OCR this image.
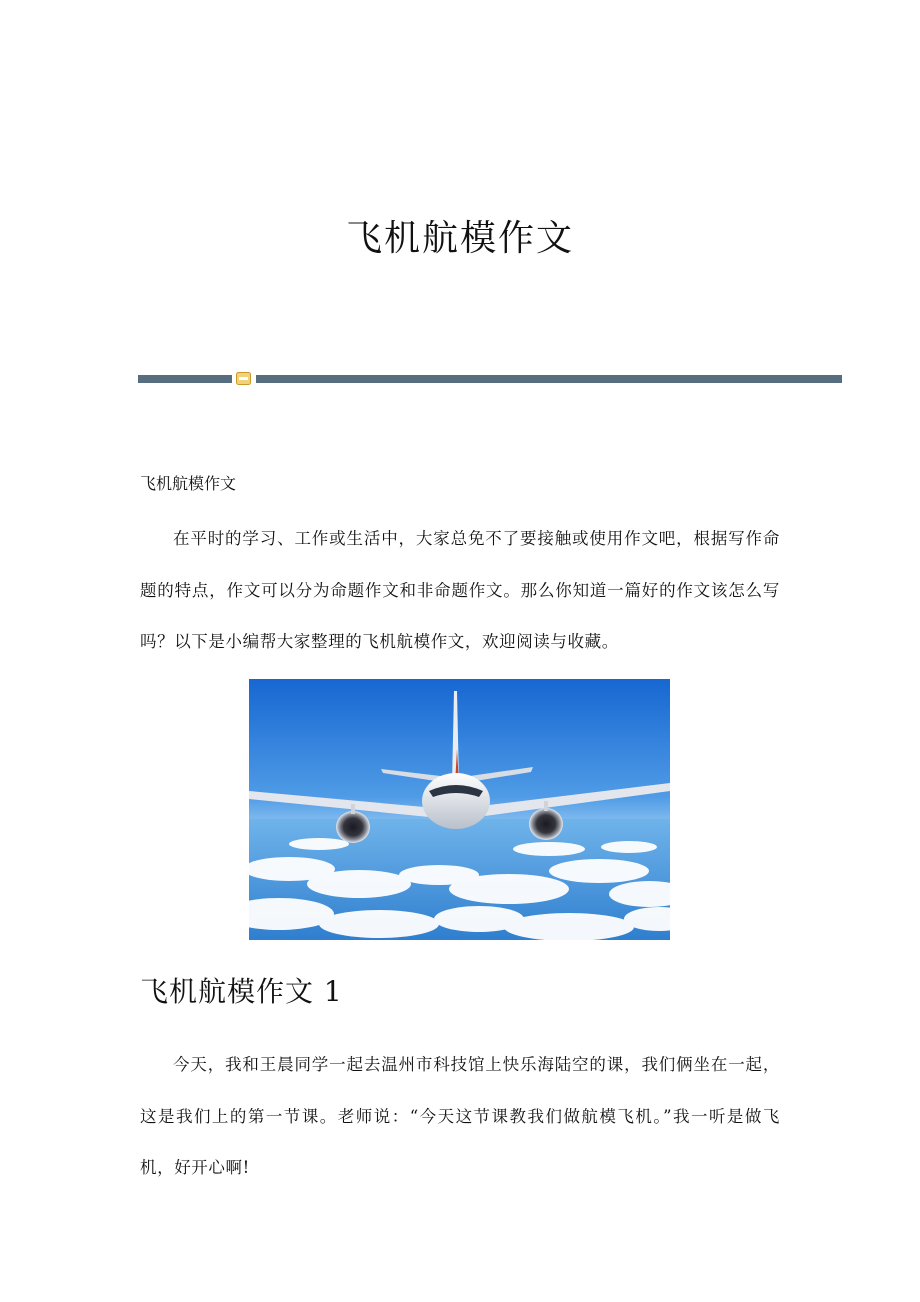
飞机航模作文

飞机航模作文

在平时的学习、工作或生活中，大家总免不了要接触或使用作文吧，根据写作命题的特点，作文可以分为命题作文和非命题作文。那么你知道一篇好的作文该怎么写吗？以下是小编帮大家整理的飞机航模作文，欢迎阅读与收藏。

飞机航模作文 1

今天，我和王晨同学一起去温州市科技馆上快乐海陆空的课，我们俩坐在一起，这是我们上的第一节课。老师说：“今天这节课教我们做航模飞机。”我一听是做飞机，好开心啊!
